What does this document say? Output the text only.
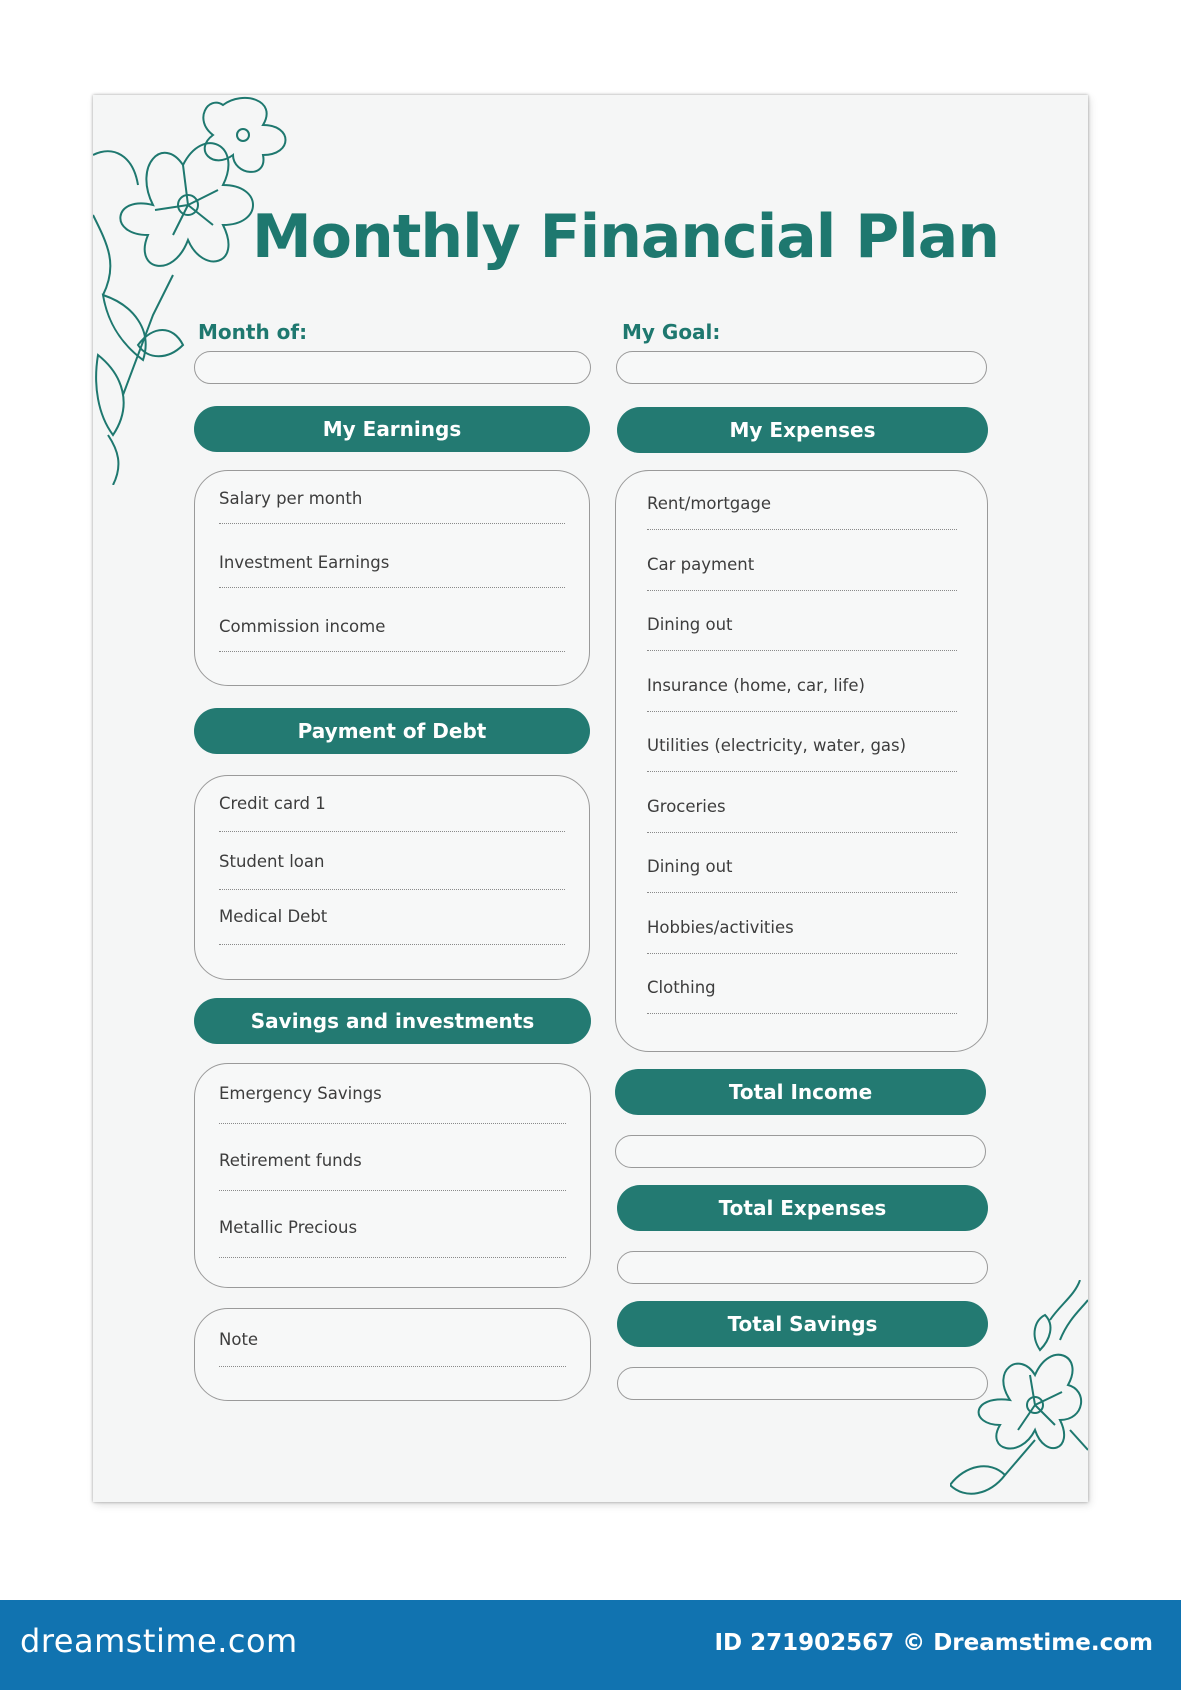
Monthly Financial Plan
Month of:	My Goal:
My Earnings
Salary per month
Investment Earnings
Commission income
Payment of Debt
Credit card 1
Student loan
Medical Debt
Savings and investments
Emergency Savings
Retirement funds
Metallic Precious
Note
My Expenses
Rent/mortgage
Car payment
Dining out
Insurance (home, car, life)
Utilities (electricity, water, gas)
Groceries
Dining out
Hobbies/activities
Clothing
Total Income
Total Expenses
Total Savings
dreamstime.com	ID 271902567 © Dreamstime.com
